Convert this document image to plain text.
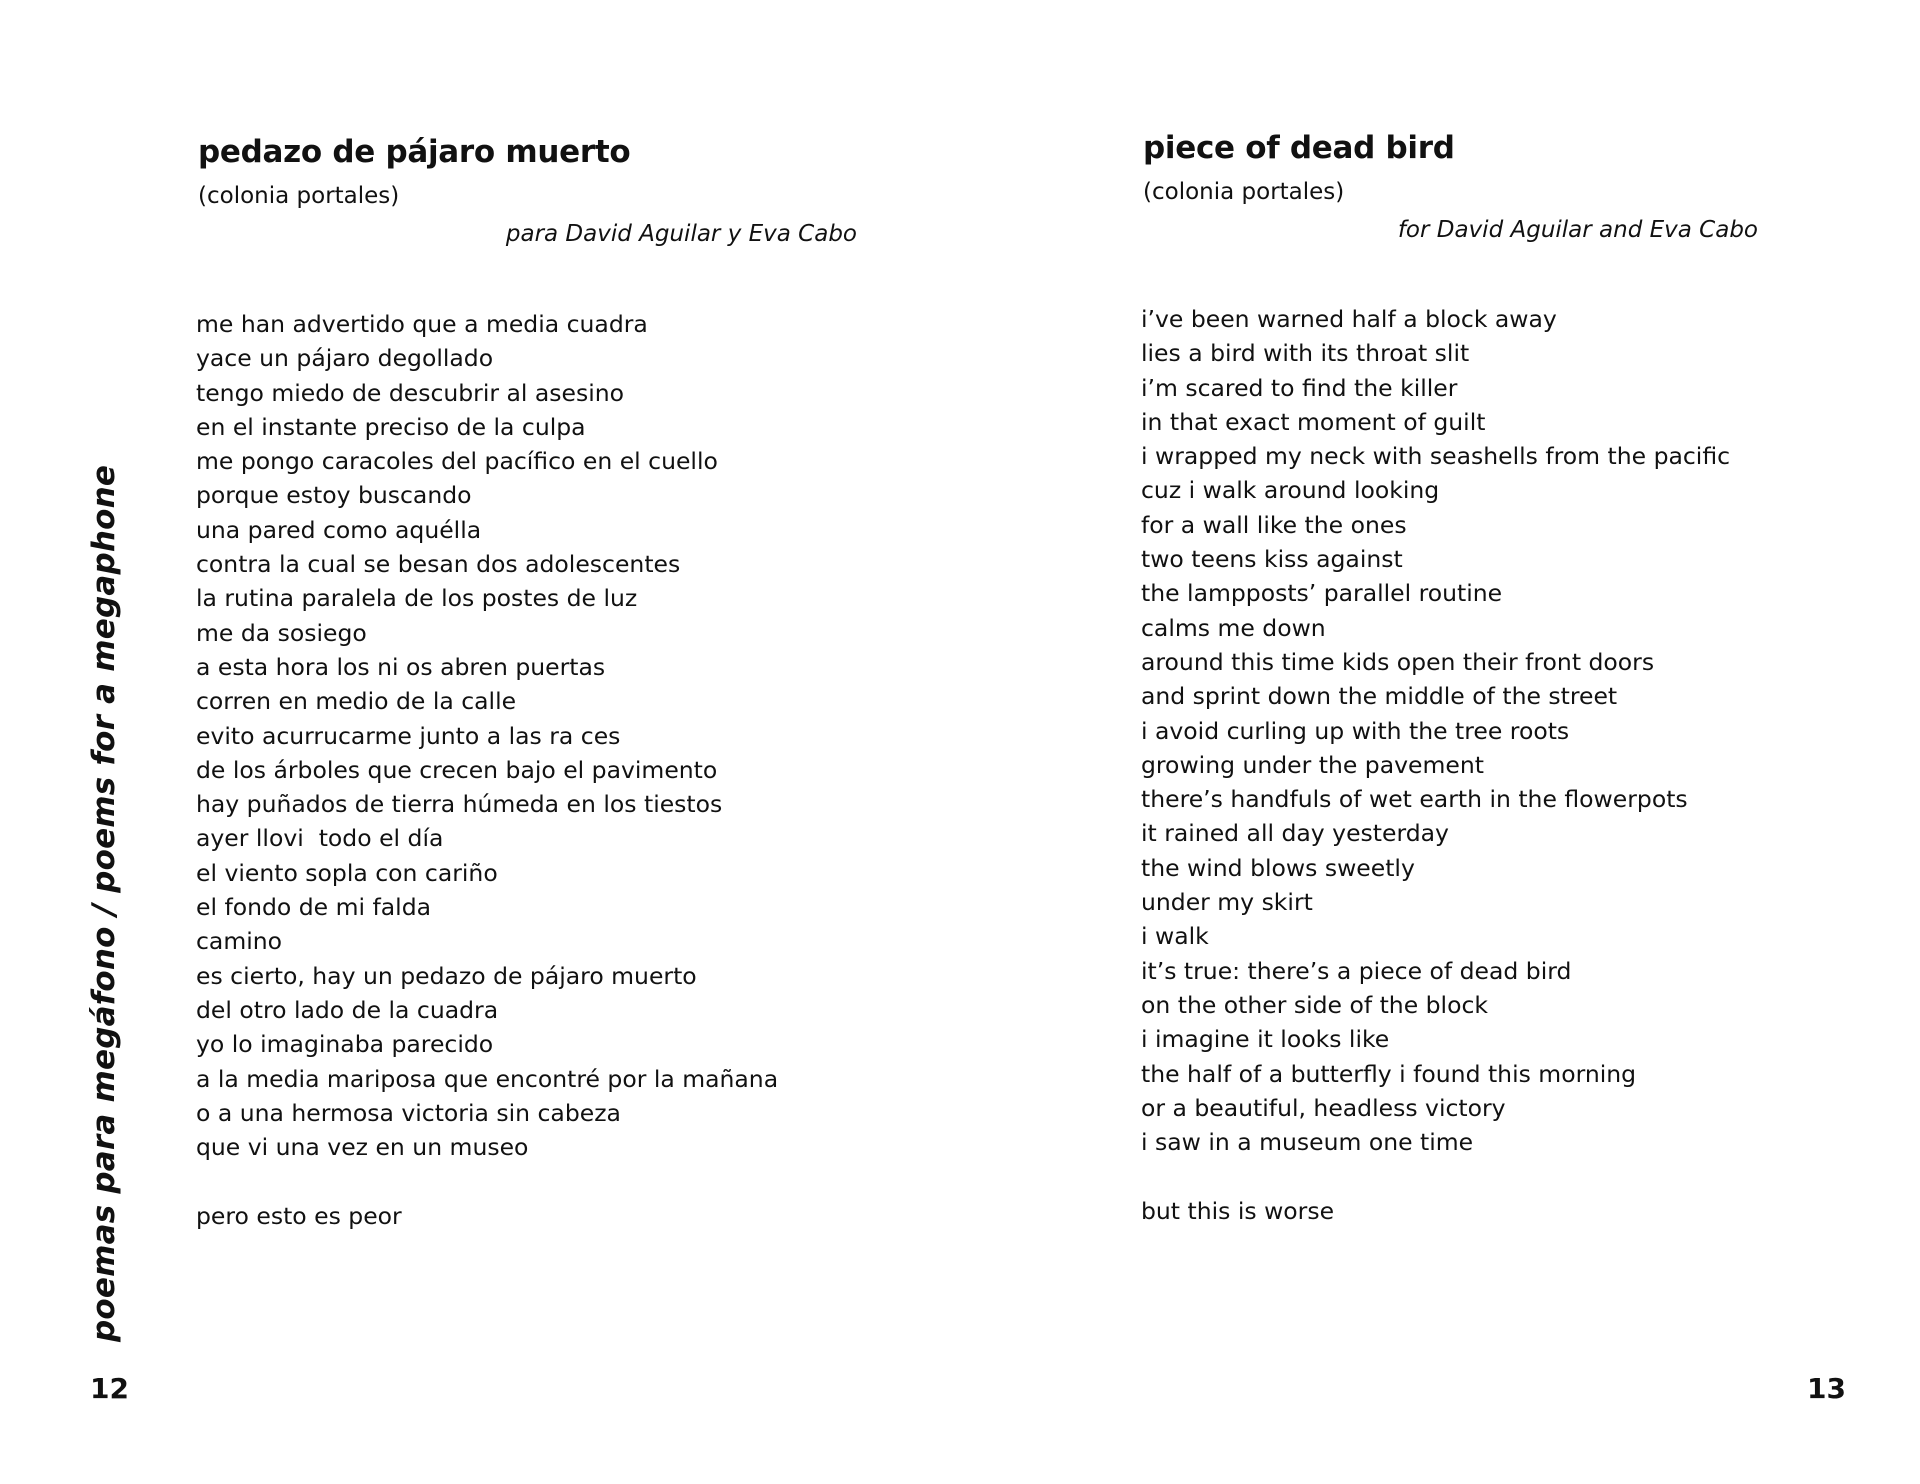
poemas para megáfono / poems for a megaphone
pedazo de pájaro muerto

(colonia portales)

para David Aguilar y Eva Cabo

me han advertido que a media cuadra
yace un pájaro degollado
tengo miedo de descubrir al asesino
en el instante preciso de la culpa
me pongo caracoles del pacífico en el cuello
porque estoy buscando
una pared como aquélla
contra la cual se besan dos adolescentes
la rutina paralela de los postes de luz
me da sosiego
a esta hora los ni os abren puertas
corren en medio de la calle
evito acurrucarme junto a las ra ces
de los árboles que crecen bajo el pavimento
hay puñados de tierra húmeda en los tiestos
ayer llovi  todo el día
el viento sopla con cariño
el fondo de mi falda
camino
es cierto, hay un pedazo de pájaro muerto
del otro lado de la cuadra
yo lo imaginaba parecido
a la media mariposa que encontré por la mañana
o a una hermosa victoria sin cabeza
que vi una vez en un museo
pero esto es peor

12

piece of dead bird

(colonia portales)

for David Aguilar and Eva Cabo

i’ve been warned half a block away
lies a bird with its throat slit
i’m scared to find the killer
in that exact moment of guilt
i wrapped my neck with seashells from the pacific
cuz i walk around looking
for a wall like the ones
two teens kiss against
the lampposts’ parallel routine
calms me down
around this time kids open their front doors
and sprint down the middle of the street
i avoid curling up with the tree roots
growing under the pavement
there’s handfuls of wet earth in the flowerpots
it rained all day yesterday
the wind blows sweetly
under my skirt
i walk
it’s true: there’s a piece of dead bird
on the other side of the block
i imagine it looks like
the half of a butterfly i found this morning
or a beautiful, headless victory
i saw in a museum one time
but this is worse

13
